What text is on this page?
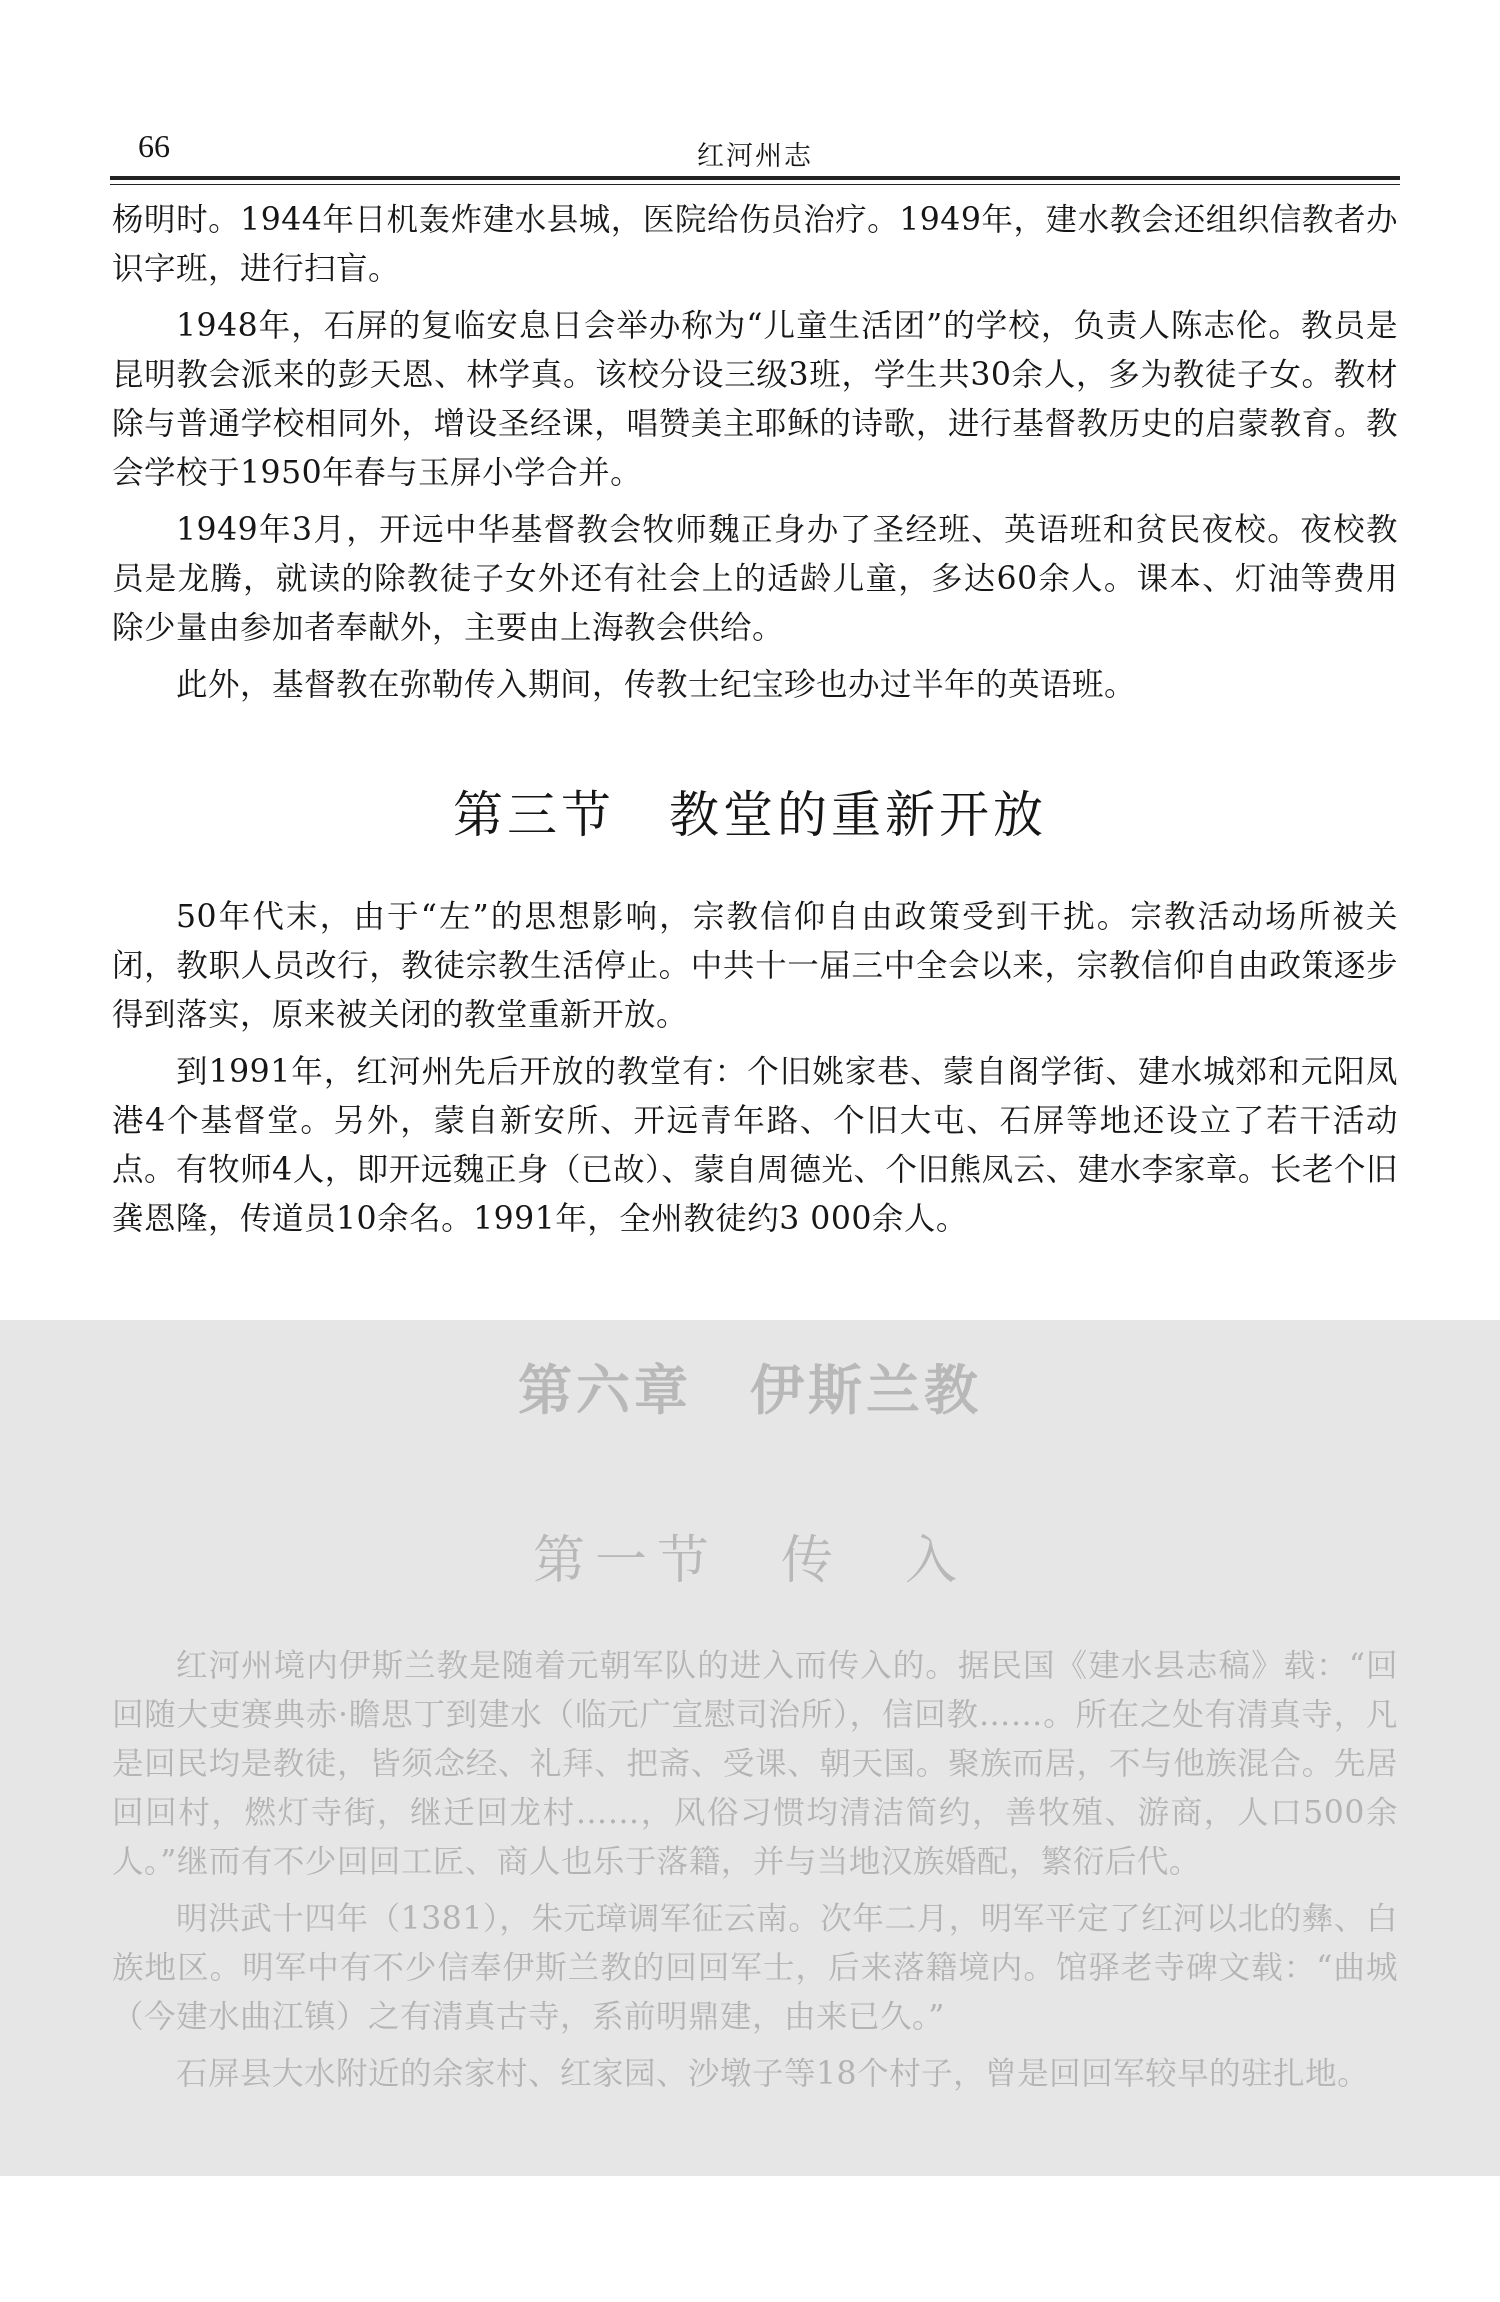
66	红河州志

杨明时。1944年日机轰炸建水县城，医院给伤员治疗。1949年，建水教会还组织信教者办识字班，进行扫盲。

1948年，石屏的复临安息日会举办称为“儿童生活团”的学校，负责人陈志伦。教员是昆明教会派来的彭天恩、林学真。该校分设三级3班，学生共30余人，多为教徒子女。教材除与普通学校相同外，增设圣经课，唱赞美主耶稣的诗歌，进行基督教历史的启蒙教育。教会学校于1950年春与玉屏小学合并。

1949年3月，开远中华基督教会牧师魏正身办了圣经班、英语班和贫民夜校。夜校教员是龙腾，就读的除教徒子女外还有社会上的适龄儿童，多达60余人。课本、灯油等费用除少量由参加者奉献外，主要由上海教会供给。

此外，基督教在弥勒传入期间，传教士纪宝珍也办过半年的英语班。

第三节　教堂的重新开放

50年代末，由于“左”的思想影响，宗教信仰自由政策受到干扰。宗教活动场所被关闭，教职人员改行，教徒宗教生活停止。中共十一届三中全会以来，宗教信仰自由政策逐步得到落实，原来被关闭的教堂重新开放。

到1991年，红河州先后开放的教堂有：个旧姚家巷、蒙自阁学街、建水城郊和元阳凤港4个基督堂。另外，蒙自新安所、开远青年路、个旧大屯、石屏等地还设立了若干活动点。有牧师4人，即开远魏正身（已故）、蒙自周德光、个旧熊凤云、建水李家章。长老个旧龚恩隆，传道员10余名。1991年，全州教徒约3 000余人。

第六章　伊斯兰教
第一节　传　入

红河州境内伊斯兰教是随着元朝军队的进入而传入的。据民国《建水县志稿》载：“回回随大吏赛典赤·瞻思丁到建水（临元广宣慰司治所），信回教……。所在之处有清真寺，凡是回民均是教徒，皆须念经、礼拜、把斋、受课、朝天国。聚族而居，不与他族混合。先居回回村，燃灯寺街，继迁回龙村……，风俗习惯均清洁简约，善牧殖、游商，人口500余人。”继而有不少回回工匠、商人也乐于落籍，并与当地汉族婚配，繁衍后代。

明洪武十四年（1381），朱元璋调军征云南。次年二月，明军平定了红河以北的彝、白族地区。明军中有不少信奉伊斯兰教的回回军士，后来落籍境内。馆驿老寺碑文载：“曲城（今建水曲江镇）之有清真古寺，系前明鼎建，由来已久。”

石屏县大水附近的余家村、红家园、沙墩子等18个村子，曾是回回军较早的驻扎地。
